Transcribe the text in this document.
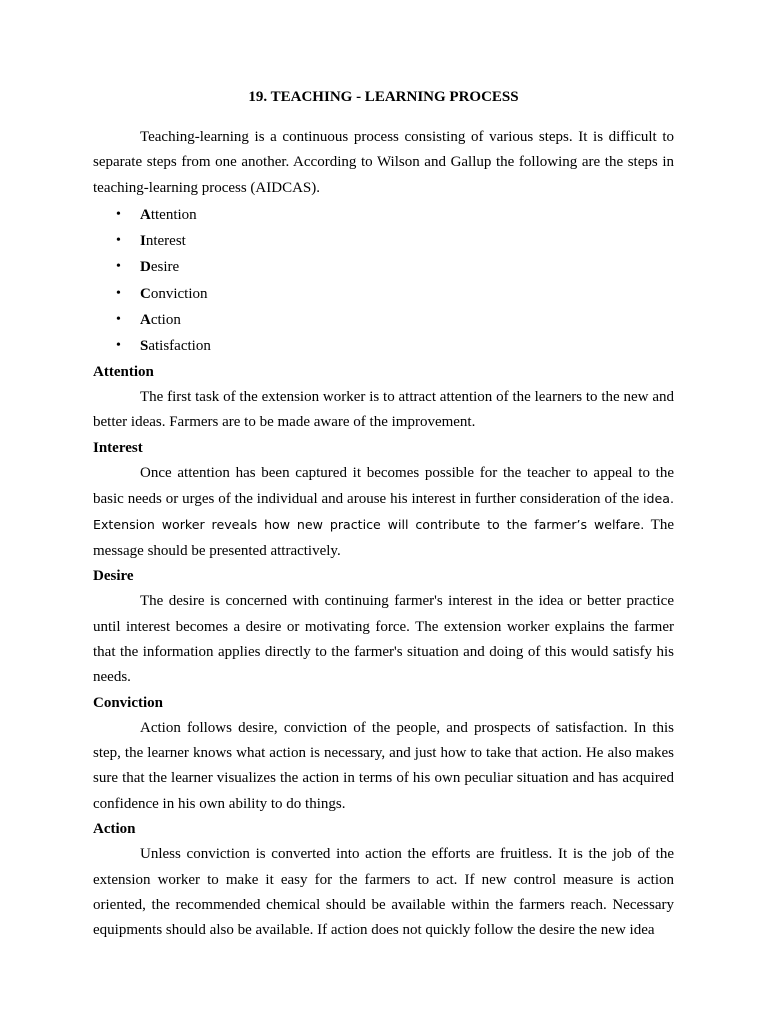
19. TEACHING - LEARNING PROCESS

Teaching-learning is a continuous process consisting of various steps. It is difficult to separate steps from one another. According to Wilson and Gallup the following are the steps in teaching-learning process (AIDCAS).

• Attention
• Interest
• Desire
• Conviction
• Action
• Satisfaction
Attention

The first task of the extension worker is to attract attention of the learners to the new and better ideas. Farmers are to be made aware of the improvement.

Interest

Once attention has been captured it becomes possible for the teacher to appeal to the basic needs or urges of the individual and arouse his interest in further consideration of the idea. Extension worker reveals how new practice will contribute to the farmer’s welfare. The message should be presented attractively.

Desire

The desire is concerned with continuing farmer's interest in the idea or better practice until interest becomes a desire or motivating force. The extension worker explains the farmer that the information applies directly to the farmer's situation and doing of this would satisfy his needs.

Conviction

Action follows desire, conviction of the people, and prospects of satisfaction. In this step, the learner knows what action is necessary, and just how to take that action. He also makes sure that the learner visualizes the action in terms of his own peculiar situation and has acquired confidence in his own ability to do things.

Action

Unless conviction is converted into action the efforts are fruitless. It is the job of the extension worker to make it easy for the farmers to act. If new control measure is action oriented, the recommended chemical should be available within the farmers reach. Necessary equipments should also be available. If action does not quickly follow the desire the new idea
